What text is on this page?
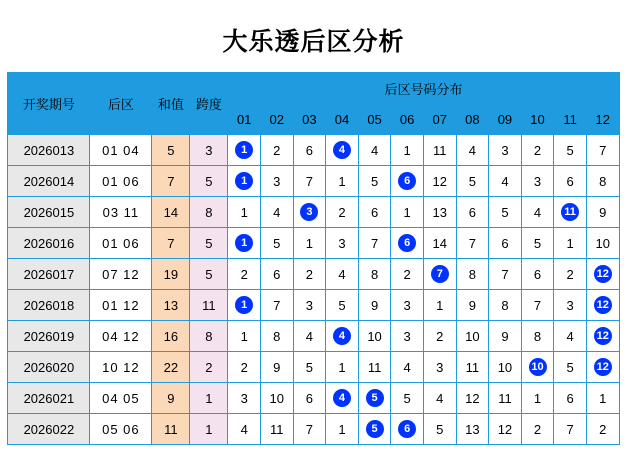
大乐透后区分析
开奖期号	后区	和值	跨度	后区号码分布											
				01	02	03	04	05	06	07	08	09	10	11	12
2026013	01 04	5	3	1	2	6	4	4	1	11	4	3	2	5	7
2026014	01 06	7	5	1	3	7	1	5	6	12	5	4	3	6	8
2026015	03 11	14	8	1	4	3	2	6	1	13	6	5	4	11	9
2026016	01 06	7	5	1	5	1	3	7	6	14	7	6	5	1	10
2026017	07 12	19	5	2	6	2	4	8	2	7	8	7	6	2	12
2026018	01 12	13	11	1	7	3	5	9	3	1	9	8	7	3	12
2026019	04 12	16	8	1	8	4	4	10	3	2	10	9	8	4	12
2026020	10 12	22	2	2	9	5	1	11	4	3	11	10	10	5	12
2026021	04 05	9	1	3	10	6	4	5	5	4	12	11	1	6	1
2026022	05 06	11	1	4	11	7	1	5	6	5	13	12	2	7	2
